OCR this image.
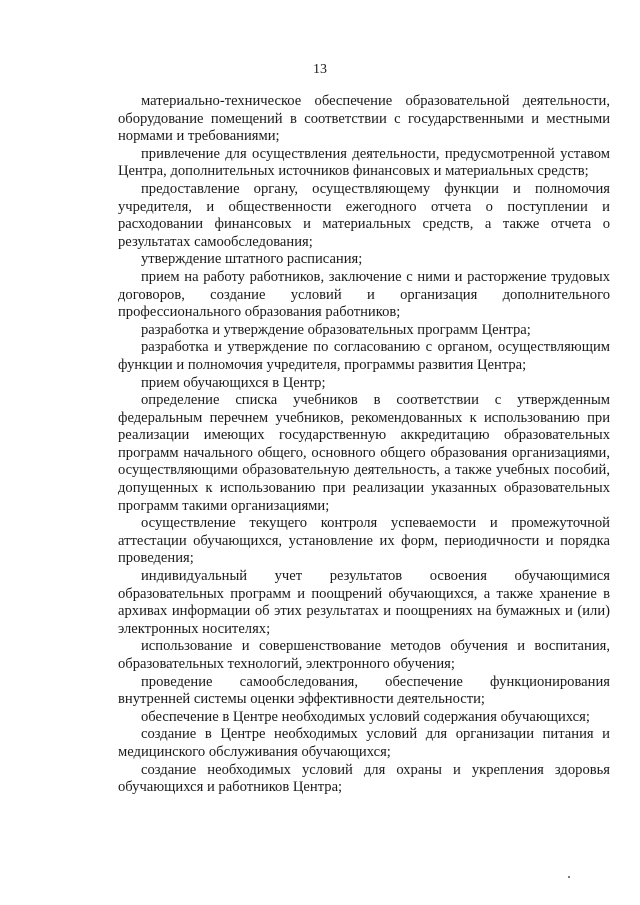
13

материально-техническое обеспечение образовательной деятельности, оборудование помещений в соответствии с государственными и местными нормами и требованиями;

привлечение для осуществления деятельности, предусмотренной уставом Центра, дополнительных источников финансовых и материальных средств;

предоставление органу, осуществляющему функции и полномочия учредителя, и общественности ежегодного отчета о поступлении и расходовании финансовых и материальных средств, а также отчета о результатах самообследования;

утверждение штатного расписания;

прием на работу работников, заключение с ними и расторжение трудовых договоров, создание условий и организация дополнительного профессионального образования работников;

разработка и утверждение образовательных программ Центра;

разработка и утверждение по согласованию с органом, осуществляющим функции и полномочия учредителя, программы развития Центра;

прием обучающихся в Центр;

определение списка учебников в соответствии с утвержденным федеральным перечнем учебников, рекомендованных к использованию при реализации имеющих государственную аккредитацию образовательных программ начального общего, основного общего образования организациями, осуществляющими образовательную деятельность, а также учебных пособий, допущенных к использованию при реализации указанных образовательных программ такими организациями;

осуществление текущего контроля успеваемости и промежуточной аттестации обучающихся, установление их форм, периодичности и порядка проведения;

индивидуальный учет результатов освоения обучающимися образовательных программ и поощрений обучающихся, а также хранение в архивах информации об этих результатах и поощрениях на бумажных и (или) электронных носителях;

использование и совершенствование методов обучения и воспитания, образовательных технологий, электронного обучения;

проведение самообследования, обеспечение функционирования внутренней системы оценки эффективности деятельности;

обеспечение в Центре необходимых условий содержания обучающихся;

создание в Центре необходимых условий для организации питания и медицинского обслуживания обучающихся;

создание необходимых условий для охраны и укрепления здоровья обучающихся и работников Центра;
